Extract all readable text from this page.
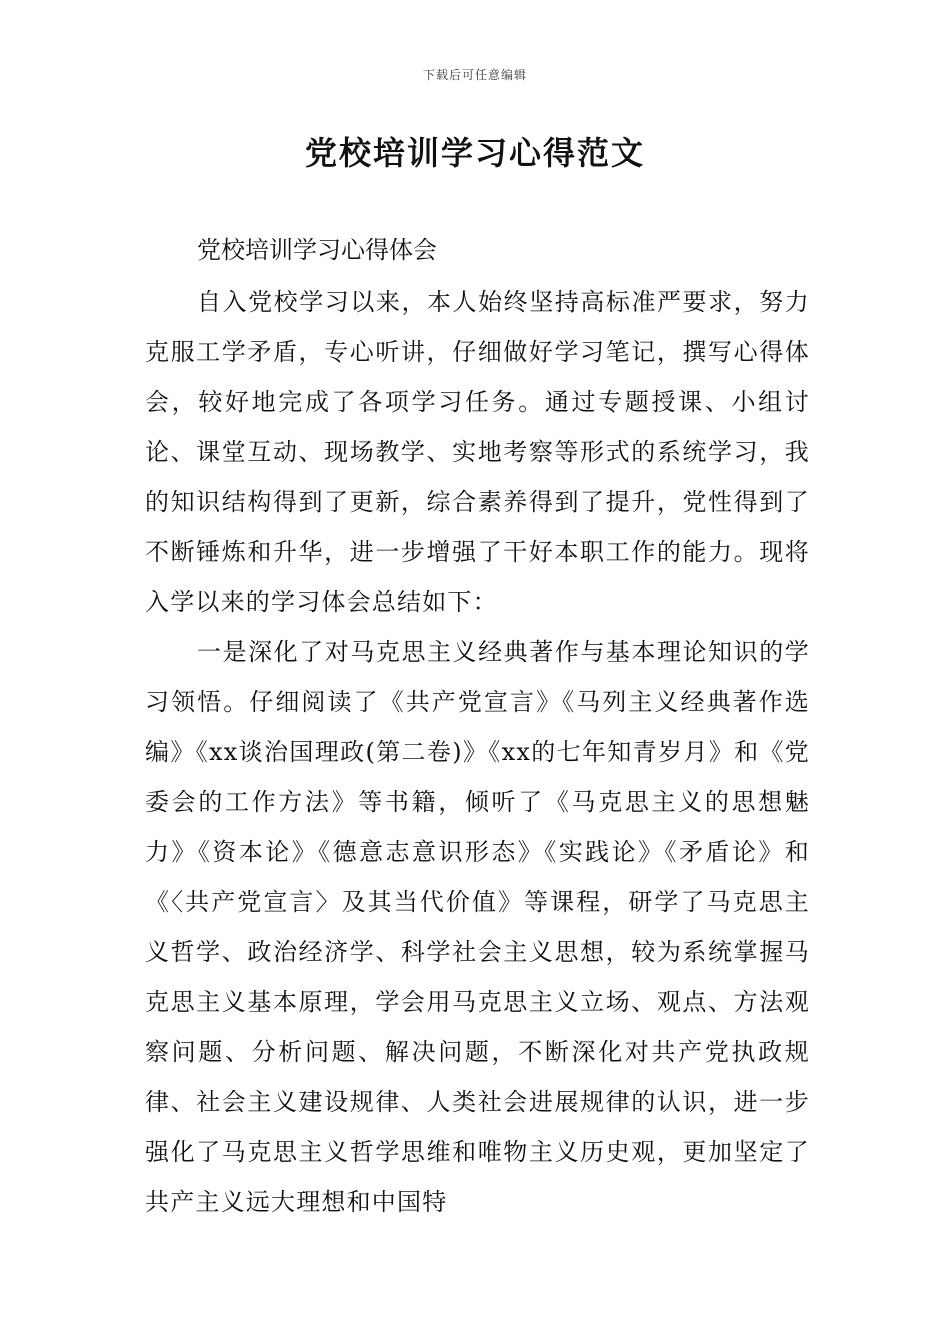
下载后可任意编辑
党校培训学习心得范文

党校培训学习心得体会

自入党校学习以来，本人始终坚持高标准严要求，努力克服工学矛盾，专心听讲，仔细做好学习笔记，撰写心得体会，较好地完成了各项学习任务。通过专题授课、小组讨论、课堂互动、现场教学、实地考察等形式的系统学习，我的知识结构得到了更新，综合素养得到了提升，党性得到了不断锤炼和升华，进一步增强了干好本职工作的能力。现将入学以来的学习体会总结如下：

一是深化了对马克思主义经典著作与基本理论知识的学习领悟。仔细阅读了《共产党宣言》《马列主义经典著作选编》《xx谈治国理政(第二卷)》《xx的七年知青岁月》和《党委会的工作方法》等书籍，倾听了《马克思主义的思想魅力》《资本论》《德意志意识形态》《实践论》《矛盾论》和《〈共产党宣言〉及其当代价值》等课程，研学了马克思主义哲学、政治经济学、科学社会主义思想，较为系统掌握马克思主义基本原理，学会用马克思主义立场、观点、方法观察问题、分析问题、解决问题，不断深化对共产党执政规律、社会主义建设规律、人类社会进展规律的认识，进一步强化了马克思主义哲学思维和唯物主义历史观，更加坚定了共产主义远大理想和中国特
